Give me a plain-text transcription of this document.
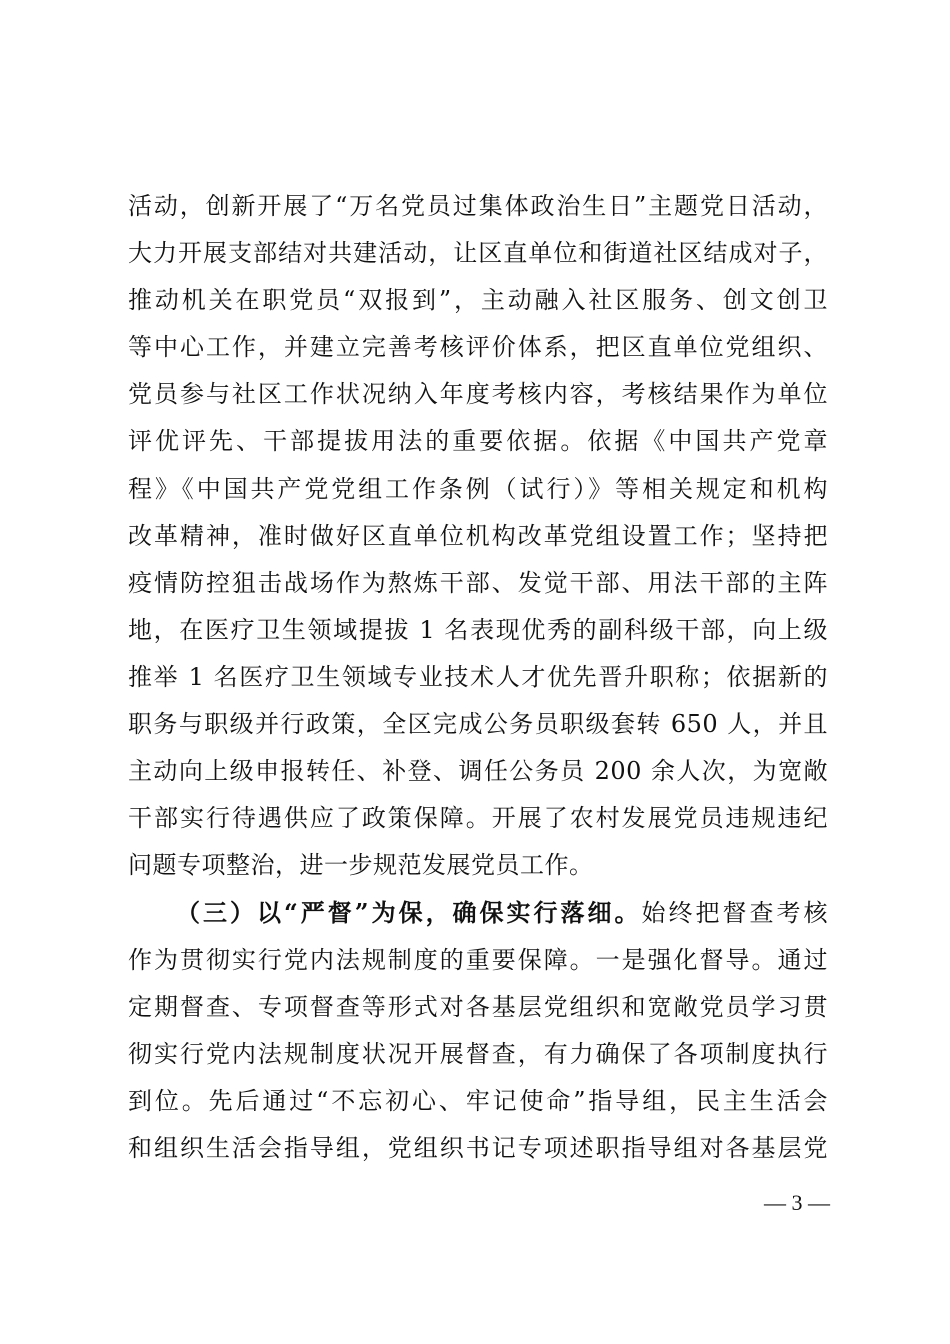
活动，创新开展了“万名党员过集体政治生日”主题党日活动，
大力开展支部结对共建活动，让区直单位和街道社区结成对子，
推动机关在职党员“双报到”，主动融入社区服务、创文创卫
等中心工作，并建立完善考核评价体系，把区直单位党组织、
党员参与社区工作状况纳入年度考核内容，考核结果作为单位
评优评先、干部提拔用法的重要依据。依据《中国共产党章
程》《中国共产党党组工作条例（试行）》等相关规定和机构
改革精神，准时做好区直单位机构改革党组设置工作；坚持把
疫情防控狙击战场作为熬炼干部、发觉干部、用法干部的主阵
地，在医疗卫生领域提拔 1 名表现优秀的副科级干部，向上级
推举 1 名医疗卫生领域专业技术人才优先晋升职称；依据新的
职务与职级并行政策，全区完成公务员职级套转 650 人，并且
主动向上级申报转任、补登、调任公务员 200 余人次，为宽敞
干部实行待遇供应了政策保障。开展了农村发展党员违规违纪
问题专项整治，进一步规范发展党员工作。
（三）以“严督”为保，确保实行落细。始终把督查考核
作为贯彻实行党内法规制度的重要保障。一是强化督导。通过
定期督查、专项督查等形式对各基层党组织和宽敞党员学习贯
彻实行党内法规制度状况开展督查，有力确保了各项制度执行
到位。先后通过“不忘初心、牢记使命”指导组，民主生活会
和组织生活会指导组，党组织书记专项述职指导组对各基层党
— 3 —
